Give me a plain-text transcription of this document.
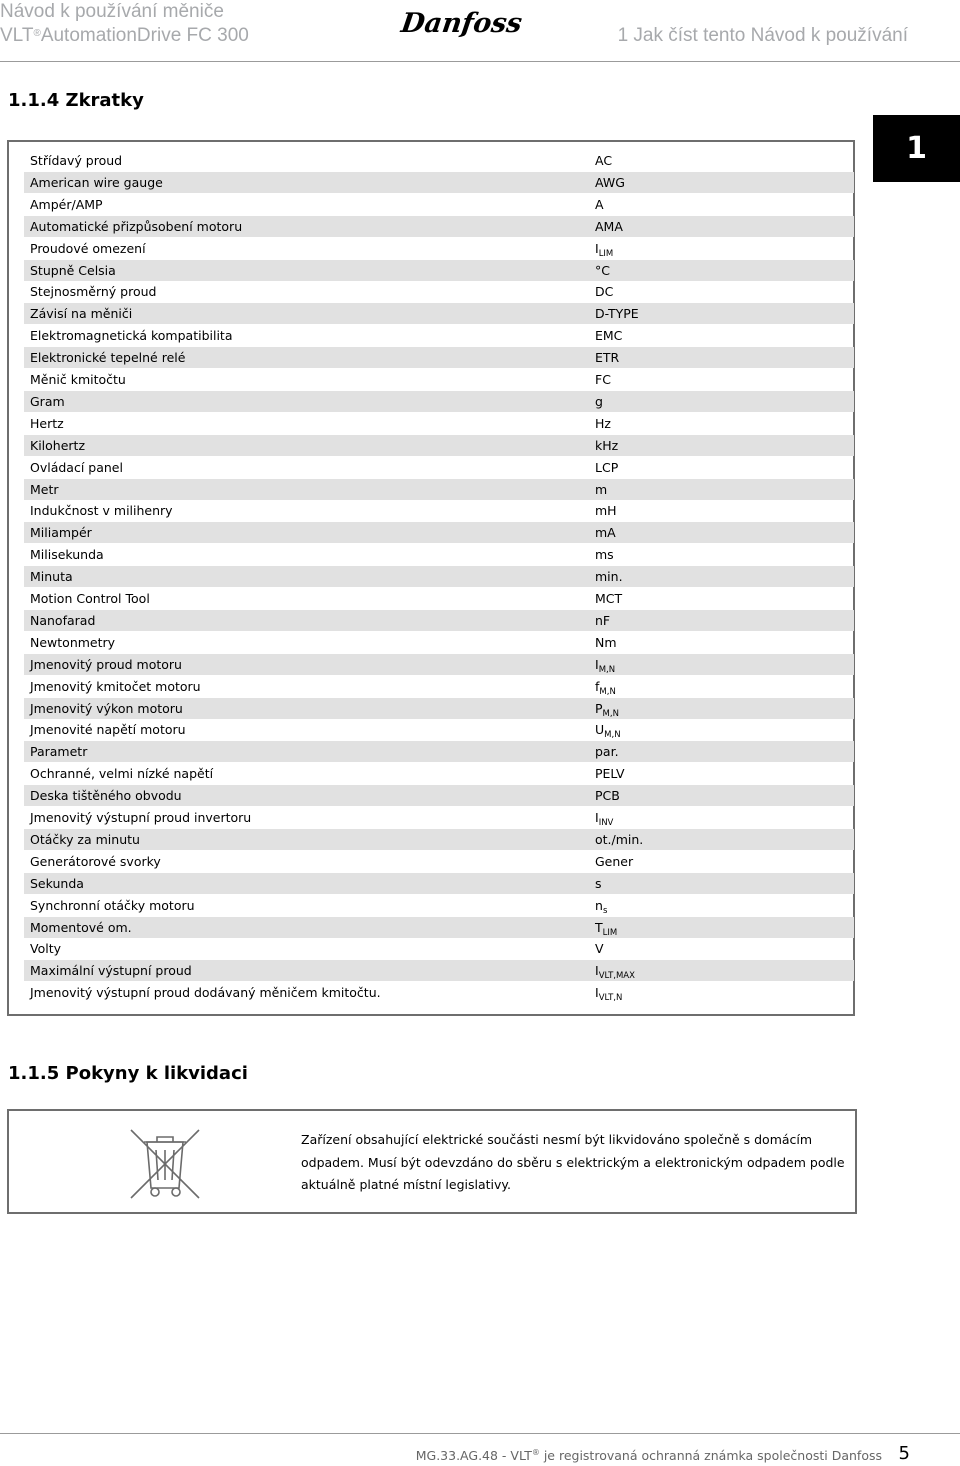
Návod k používání měniče
VLT®AutomationDrive FC 300	Danfoss	1 Jak číst tento Návod k používání
1.1.4 Zkratky
1
Střídavý proud	AC
American wire gauge	AWG
Ampér/AMP	A
Automatické přizpůsobení motoru	AMA
Proudové omezení	$I_{LIM}$
Stupně Celsia	°C
Stejnosměrný proud	DC
Závisí na měniči	D-TYPE
Elektromagnetická kompatibilita	EMC
Elektronické tepelné relé	ETR
Měnič kmitočtu	FC
Gram	g
Hertz	Hz
Kilohertz	kHz
Ovládací panel	LCP
Metr	m
Indukčnost v milihenry	mH
Miliampér	mA
Milisekunda	ms
Minuta	min.
Motion Control Tool	MCT
Nanofarad	nF
Newtonmetry	Nm
Jmenovitý proud motoru	$I_{M,N}$
Jmenovitý kmitočet motoru	$f_{M,N}$
Jmenovitý výkon motoru	$P_{M,N}$
Jmenovité napětí motoru	$U_{M,N}$
Parametr	par.
Ochranné, velmi nízké napětí	PELV
Deska tištěného obvodu	PCB
Jmenovitý výstupní proud invertoru	$I_{INV}$
Otáčky za minutu	ot./min.
Generátorové svorky	Gener
Sekunda	s
Synchronní otáčky motoru	$n_s$
Momentové om.	$T_{LIM}$
Volty	V
Maximální výstupní proud	$I_{VLT,MAX}$
Jmenovitý výstupní proud dodávaný měničem kmitočtu.	$I_{VLT,N}$
1.1.5 Pokyny k likvidaci
Zařízení obsahující elektrické součásti nesmí být likvidováno společně s domácím odpadem. Musí být odevzdáno do sběru s elektrickým a elektronickým odpadem podle aktuálně platné místní legislativy.
MG.33.AG.48 - VLT® je registrovaná ochranná známka společnosti Danfoss 5
